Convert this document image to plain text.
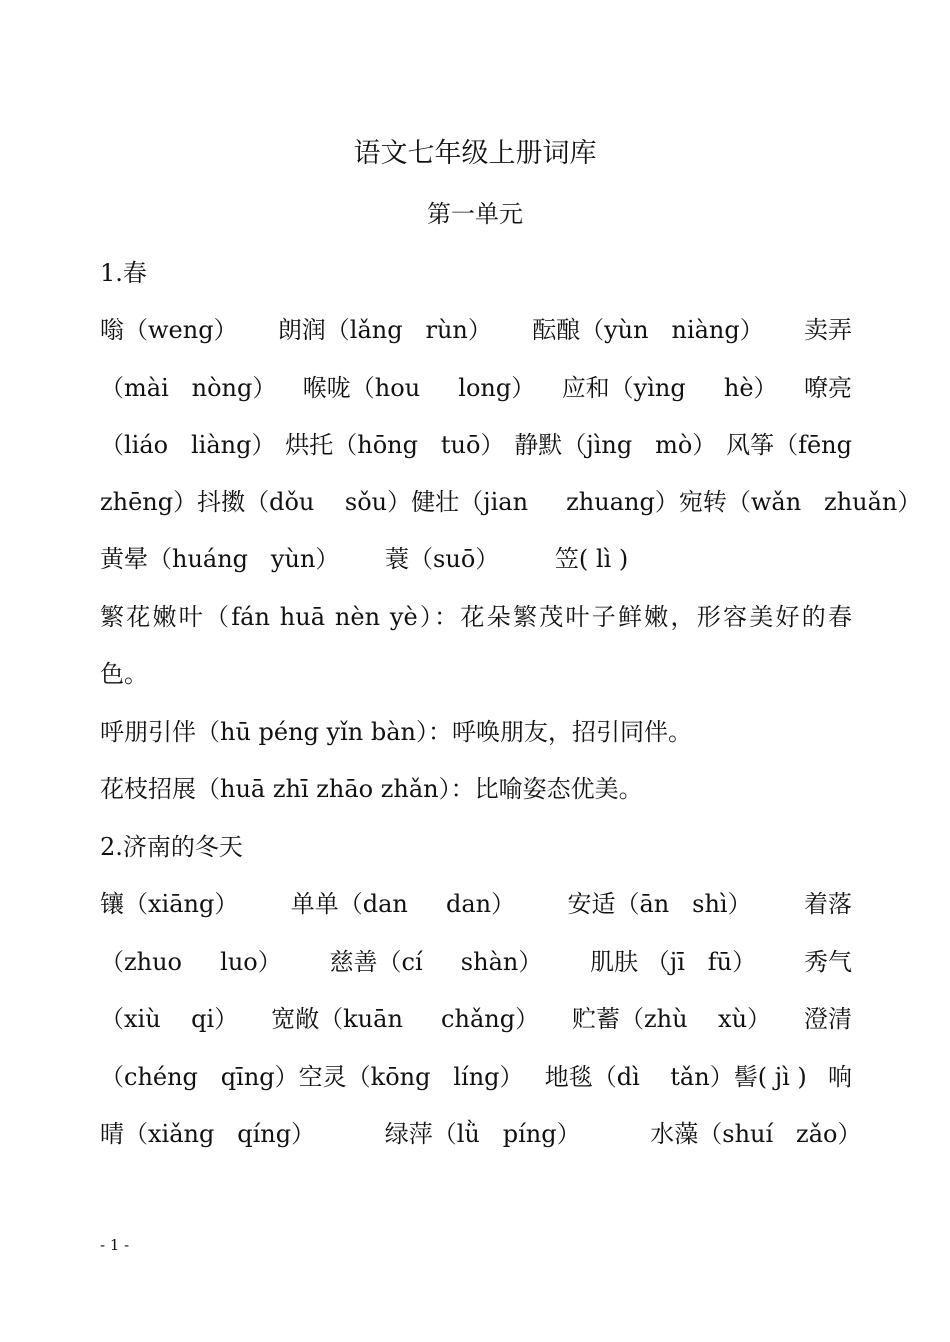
语文七年级上册词库
第一单元
1.春
嗡（weng） 朗润（lǎng   rùn） 酝酿（yùn   niàng） 卖弄
（mài   nòng） 喉咙（hou     long） 应和（yìng     hè） 嘹亮
（liáo   liàng） 烘托（hōng   tuō） 静默（jìng   mò） 风筝（fēng
zhēng） 抖擞（dǒu    sǒu） 健壮（jian     zhuang）宛转（wǎn   zhuǎn）
黄晕（huáng   yùn） 蓑（suō） 笠( lì )
繁花嫩叶（fán huā nèn yè）：花朵繁茂叶子鲜嫩，形容美好的春
色。
呼朋引伴（hū péng yǐn bàn）：呼唤朋友，招引同伴。
花枝招展（huā zhī zhāo zhǎn）：比喻姿态优美。
2.济南的冬天
镶（xiāng） 单单（dan     dan） 安适（ān   shì） 着落
（zhuo     luo） 慈善（cí     shàn） 肌肤 （jī   fū） 秀气
（xiù    qi） 宽敞（kuān     chǎng） 贮蓄（zhù    xù） 澄清
（chéng   qīng）空灵（kōng   líng） 地毯（dì    tǎn）髻( jì ) 响
晴（xiǎng   qíng）	绿萍（lǜ   píng）	水藻（shuí   zǎo）
- 1 -
